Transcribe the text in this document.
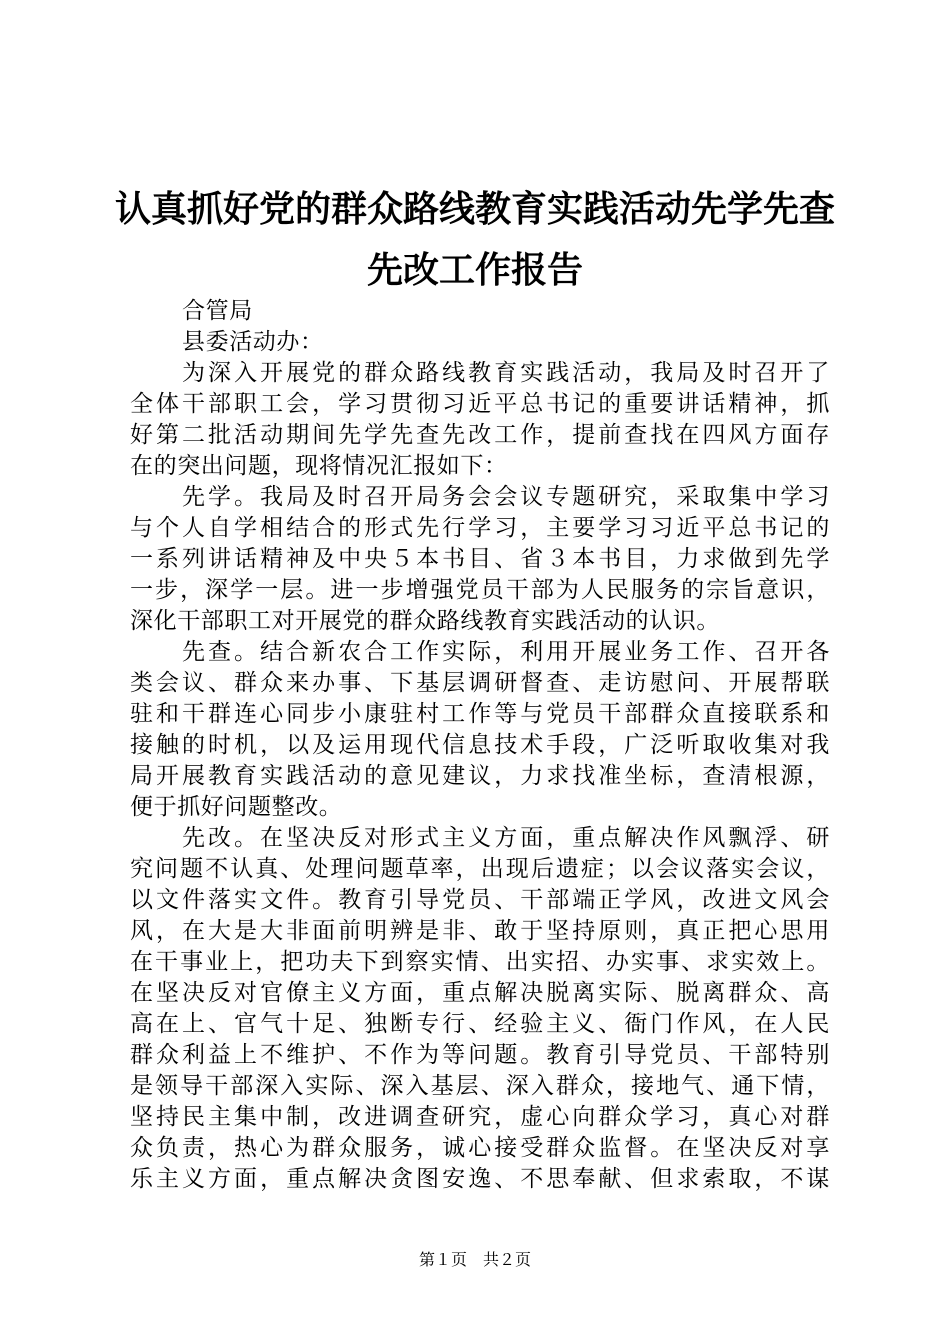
认真抓好党的群众路线教育实践活动先学先查
先改工作报告
合管局
县委活动办：
为深入开展党的群众路线教育实践活动，我局及时召开了
全体干部职工会，学习贯彻习近平总书记的重要讲话精神，抓
好第二批活动期间先学先查先改工作，提前查找在四风方面存
在的突出问题，现将情况汇报如下：
先学。我局及时召开局务会会议专题研究，采取集中学习
与个人自学相结合的形式先行学习，主要学习习近平总书记的
一系列讲话精神及中央５本书目、省３本书目，力求做到先学
一步，深学一层。进一步增强党员干部为人民服务的宗旨意识，
深化干部职工对开展党的群众路线教育实践活动的认识。
先查。结合新农合工作实际，利用开展业务工作、召开各
类会议、群众来办事、下基层调研督查、走访慰问、开展帮联
驻和干群连心同步小康驻村工作等与党员干部群众直接联系和
接触的时机，以及运用现代信息技术手段，广泛听取收集对我
局开展教育实践活动的意见建议，力求找准坐标，查清根源，
便于抓好问题整改。
先改。在坚决反对形式主义方面，重点解决作风飘浮、研
究问题不认真、处理问题草率，出现后遗症；以会议落实会议，
以文件落实文件。教育引导党员、干部端正学风，改进文风会
风，在大是大非面前明辨是非、敢于坚持原则，真正把心思用
在干事业上，把功夫下到察实情、出实招、办实事、求实效上。
在坚决反对官僚主义方面，重点解决脱离实际、脱离群众、高
高在上、官气十足、独断专行、经验主义、衙门作风，在人民
群众利益上不维护、不作为等问题。教育引导党员、干部特别
是领导干部深入实际、深入基层、深入群众，接地气、通下情，
坚持民主集中制，改进调查研究，虚心向群众学习，真心对群
众负责，热心为群众服务，诚心接受群众监督。在坚决反对享
乐主义方面，重点解决贪图安逸、不思奉献、但求索取，不谋
第１页　共２页
